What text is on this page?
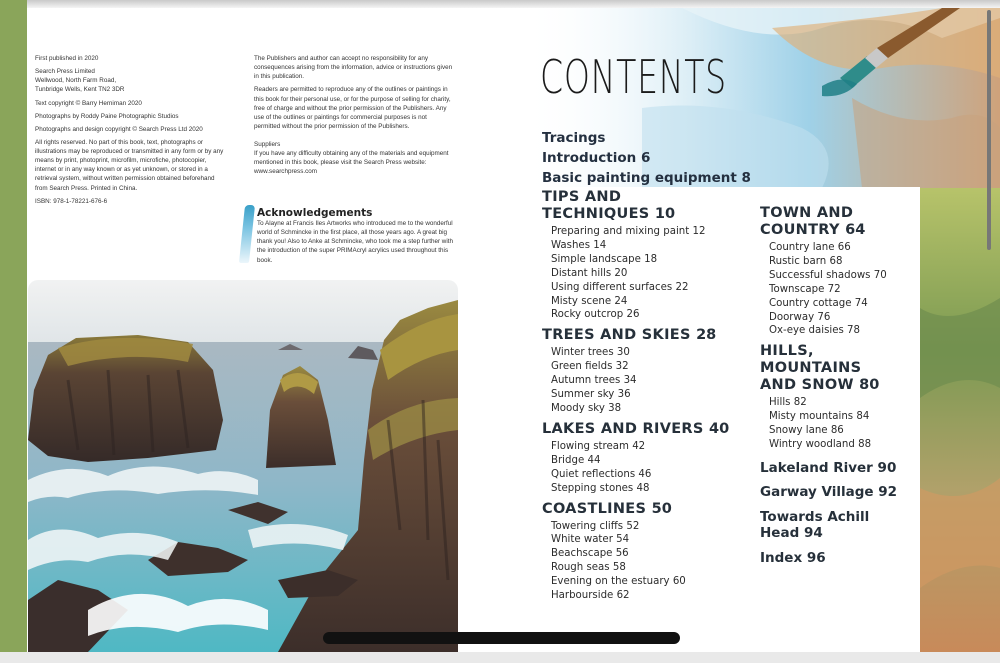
First published in 2020

Search Press Limited
Wellwood, North Farm Road,
Tunbridge Wells, Kent TN2 3DR

Text copyright © Barry Herniman 2020

Photographs by Roddy Paine Photographic Studios

Photographs and design copyright © Search Press Ltd 2020

All rights reserved. No part of this book, text, photographs or illustrations may be reproduced or transmitted in any form or by any means by print, photoprint, microfilm, microfiche, photocopier, internet or in any way known or as yet unknown, or stored in a retrieval system, without written permission obtained beforehand from Search Press. Printed in China.

ISBN: 978-1-78221-676-6

The Publishers and author can accept no responsibility for any consequences arising from the information, advice or instructions given in this publication.

Readers are permitted to reproduce any of the outlines or paintings in this book for their personal use, or for the purpose of selling for charity, free of charge and without the prior permission of the Publishers. Any use of the outlines or paintings for commercial purposes is not permitted without the prior permission of the Publishers.

Suppliers

If you have any difficulty obtaining any of the materials and equipment mentioned in this book, please visit the Search Press website:

www.searchpress.com

Acknowledgements
To Alayne at Francis Iles Artworks who introduced me to the wonderful world of Schmincke in the first place, all those years ago. A great big thank you! Also to Anke at Schmincke, who took me a step further with the introduction of the super PRIMAcryl acrylics used throughout this book.
CONTENTS
Tracings
Introduction 6
Basic painting equipment 8
TIPS AND
TECHNIQUES 10
Preparing and mixing paint 12
Washes 14
Simple landscape 18
Distant hills 20
Using different surfaces 22
Misty scene 24
Rocky outcrop 26
TREES AND SKIES 28
Winter trees 30
Green fields 32
Autumn trees 34
Summer sky 36
Moody sky 38
LAKES AND RIVERS 40
Flowing stream 42
Bridge 44
Quiet reflections 46
Stepping stones 48
COASTLINES 50
Towering cliffs 52
White water 54
Beachscape 56
Rough seas 58
Evening on the estuary 60
Harbourside 62
TOWN AND
COUNTRY 64
Country lane 66
Rustic barn 68
Successful shadows 70
Townscape 72
Country cottage 74
Doorway 76
Ox-eye daisies 78
HILLS, MOUNTAINS
AND SNOW 80
Hills 82
Misty mountains 84
Snowy lane 86
Wintry woodland 88
Lakeland River 90
Garway Village 92
Towards Achill
Head 94
Index 96
